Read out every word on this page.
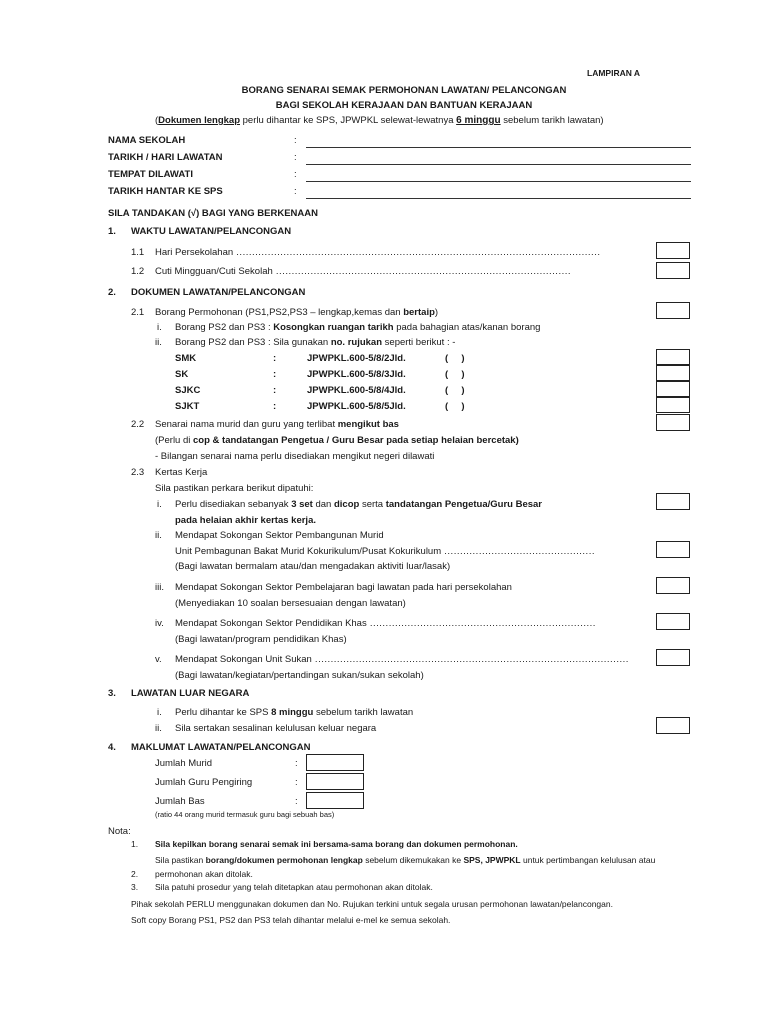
LAMPIRAN A
BORANG SENARAI SEMAK PERMOHONAN LAWATAN/ PELANCONGAN
BAGI SEKOLAH KERAJAAN DAN BANTUAN KERAJAAN
(Dokumen lengkap perlu dihantar ke SPS, JPWPKL selewat-lewatnya 6 minggu sebelum tarikh lawatan)
NAMA SEKOLAH	:
TARIKH / HARI LAWATAN	:
TEMPAT DILAWATI	:
TARIKH HANTAR KE SPS	:
SILA TANDAKAN (√) BAGI YANG BERKENAAN
1. WAKTU LAWATAN/PELANCONGAN
1.1 Hari Persekolahan ....................................................................................................................
1.2 Cuti Mingguan/Cuti Sekolah ..............................................................................................
2. DOKUMEN LAWATAN/PELANCONGAN
2.1 Borang Permohonan (PS1,PS2,PS3 – lengkap,kemas dan bertaip)
i. Borang PS2 dan PS3 : Kosongkan ruangan tarikh pada bahagian atas/kanan borang
ii. Borang PS2 dan PS3 : Sila gunakan no. rujukan seperti berikut : -
SMK	:	JPWPKL.600-5/8/2Jld.	(     )
SK	:	JPWPKL.600-5/8/3Jld.	(     )
SJKC	:	JPWPKL.600-5/8/4Jld.	(     )
SJKT	:	JPWPKL.600-5/8/5Jld.	(     )
2.2 Senarai nama murid dan guru yang terlibat mengikut bas
(Perlu di cop & tandatangan Pengetua / Guru Besar pada setiap helaian bercetak)
- Bilangan senarai nama perlu disediakan mengikut negeri dilawati
2.3 Kertas Kerja
Sila pastikan perkara berikut dipatuhi:
i. Perlu disediakan sebanyak 3 set dan dicop serta tandatangan Pengetua/Guru Besar
pada helaian akhir kertas kerja.
ii. Mendapat Sokongan Sektor Pembangunan Murid
Unit Pembagunan Bakat Murid Kokurikulum/Pusat Kokurikulum ................................................
(Bagi lawatan bermalam atau/dan mengadakan aktiviti luar/lasak)
iii. Mendapat Sokongan Sektor Pembelajaran bagi lawatan pada hari persekolahan
(Menyediakan 10 soalan bersesuaian dengan lawatan)
iv. Mendapat Sokongan Sektor Pendidikan Khas ........................................................................
(Bagi lawatan/program pendidikan Khas)
v. Mendapat Sokongan Unit Sukan ....................................................................................................
(Bagi lawatan/kegiatan/pertandingan sukan/sukan sekolah)
3. LAWATAN LUAR NEGARA
i. Perlu dihantar ke SPS 8 minggu sebelum tarikh lawatan
ii. Sila sertakan sesalinan kelulusan keluar negara
4. MAKLUMAT LAWATAN/PELANCONGAN
Jumlah Murid	:
Jumlah Guru Pengiring	:
Jumlah Bas	:
(ratio 44 orang murid termasuk guru bagi sebuah bas)
Nota:
1. Sila kepilkan borang senarai semak ini bersama-sama borang dan dokumen permohonan.
Sila pastikan borang/dokumen permohonan lengkap sebelum dikemukakan ke SPS, JPWPKL untuk pertimbangan kelulusan atau
2. permohonan akan ditolak.
3. Sila patuhi prosedur yang telah ditetapkan atau permohonan akan ditolak.
Pihak sekolah PERLU menggunakan dokumen dan No. Rujukan terkini untuk segala urusan permohonan lawatan/pelancongan.
Soft copy Borang PS1, PS2 dan PS3 telah dihantar melalui e-mel ke semua sekolah.
